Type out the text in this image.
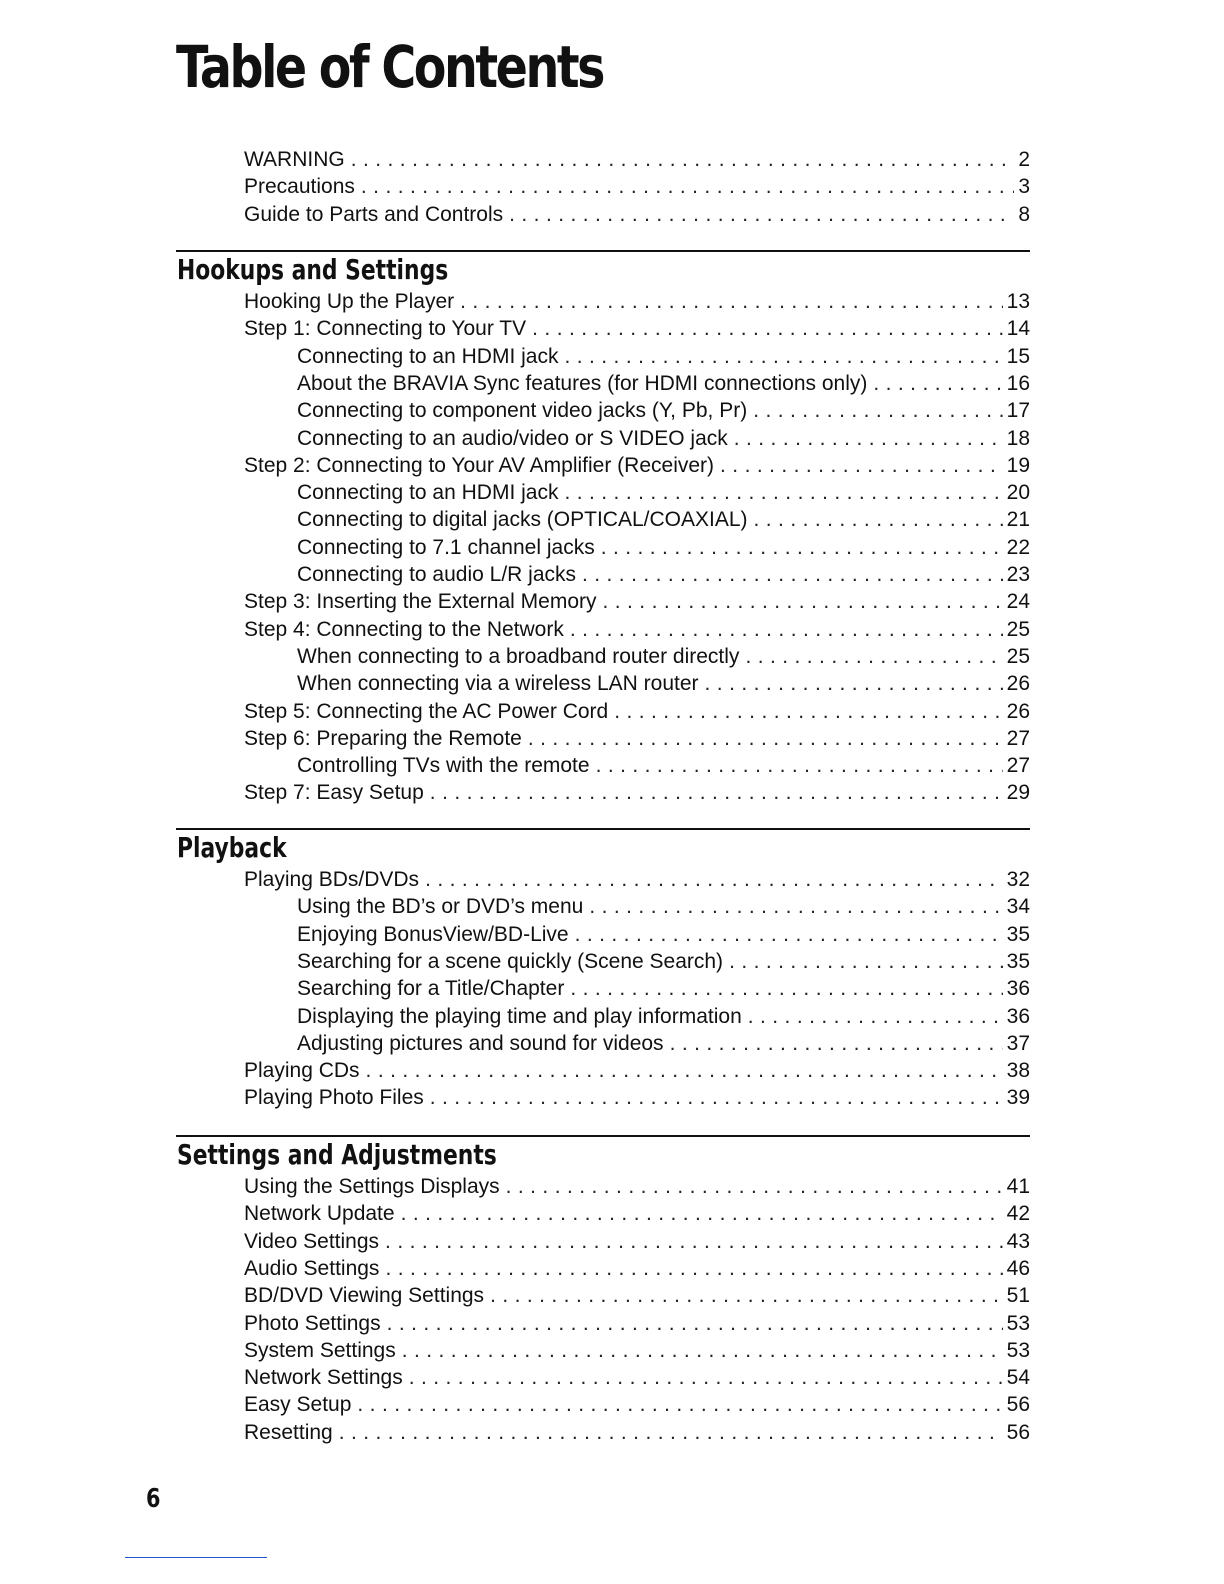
Table of Contents
WARNING . . .	2
Precautions . . .	3
Guide to Parts and Controls . . .	8
Hookups and Settings
Hooking Up the Player . . .	13
Step 1: Connecting to Your TV . . .	14
Connecting to an HDMI jack . . .	15
About the BRAVIA Sync features (for HDMI connections only) . . .	16
Connecting to component video jacks (Y, Pb, Pr) . . .	17
Connecting to an audio/video or S VIDEO jack . . .	18
Step 2: Connecting to Your AV Amplifier (Receiver) . . .	19
Connecting to an HDMI jack . . .	20
Connecting to digital jacks (OPTICAL/COAXIAL) . . .	21
Connecting to 7.1 channel jacks . . .	22
Connecting to audio L/R jacks . . .	23
Step 3: Inserting the External Memory . . .	24
Step 4: Connecting to the Network . . .	25
When connecting to a broadband router directly . . .	25
When connecting via a wireless LAN router . . .	26
Step 5: Connecting the AC Power Cord . . .	26
Step 6: Preparing the Remote . . .	27
Controlling TVs with the remote . . .	27
Step 7: Easy Setup . . .	29
Playback
Playing BDs/DVDs . . .	32
Using the BD’s or DVD’s menu . . .	34
Enjoying BonusView/BD-Live . . .	35
Searching for a scene quickly (Scene Search) . . .	35
Searching for a Title/Chapter . . .	36
Displaying the playing time and play information . . .	36
Adjusting pictures and sound for videos . . .	37
Playing CDs . . .	38
Playing Photo Files . . .	39
Settings and Adjustments
Using the Settings Displays . . .	41
Network Update . . .	42
Video Settings . . .	43
Audio Settings . . .	46
BD/DVD Viewing Settings . . .	51
Photo Settings . . .	53
System Settings . . .	53
Network Settings . . .	54
Easy Setup . . .	56
Resetting . . .	56
6
